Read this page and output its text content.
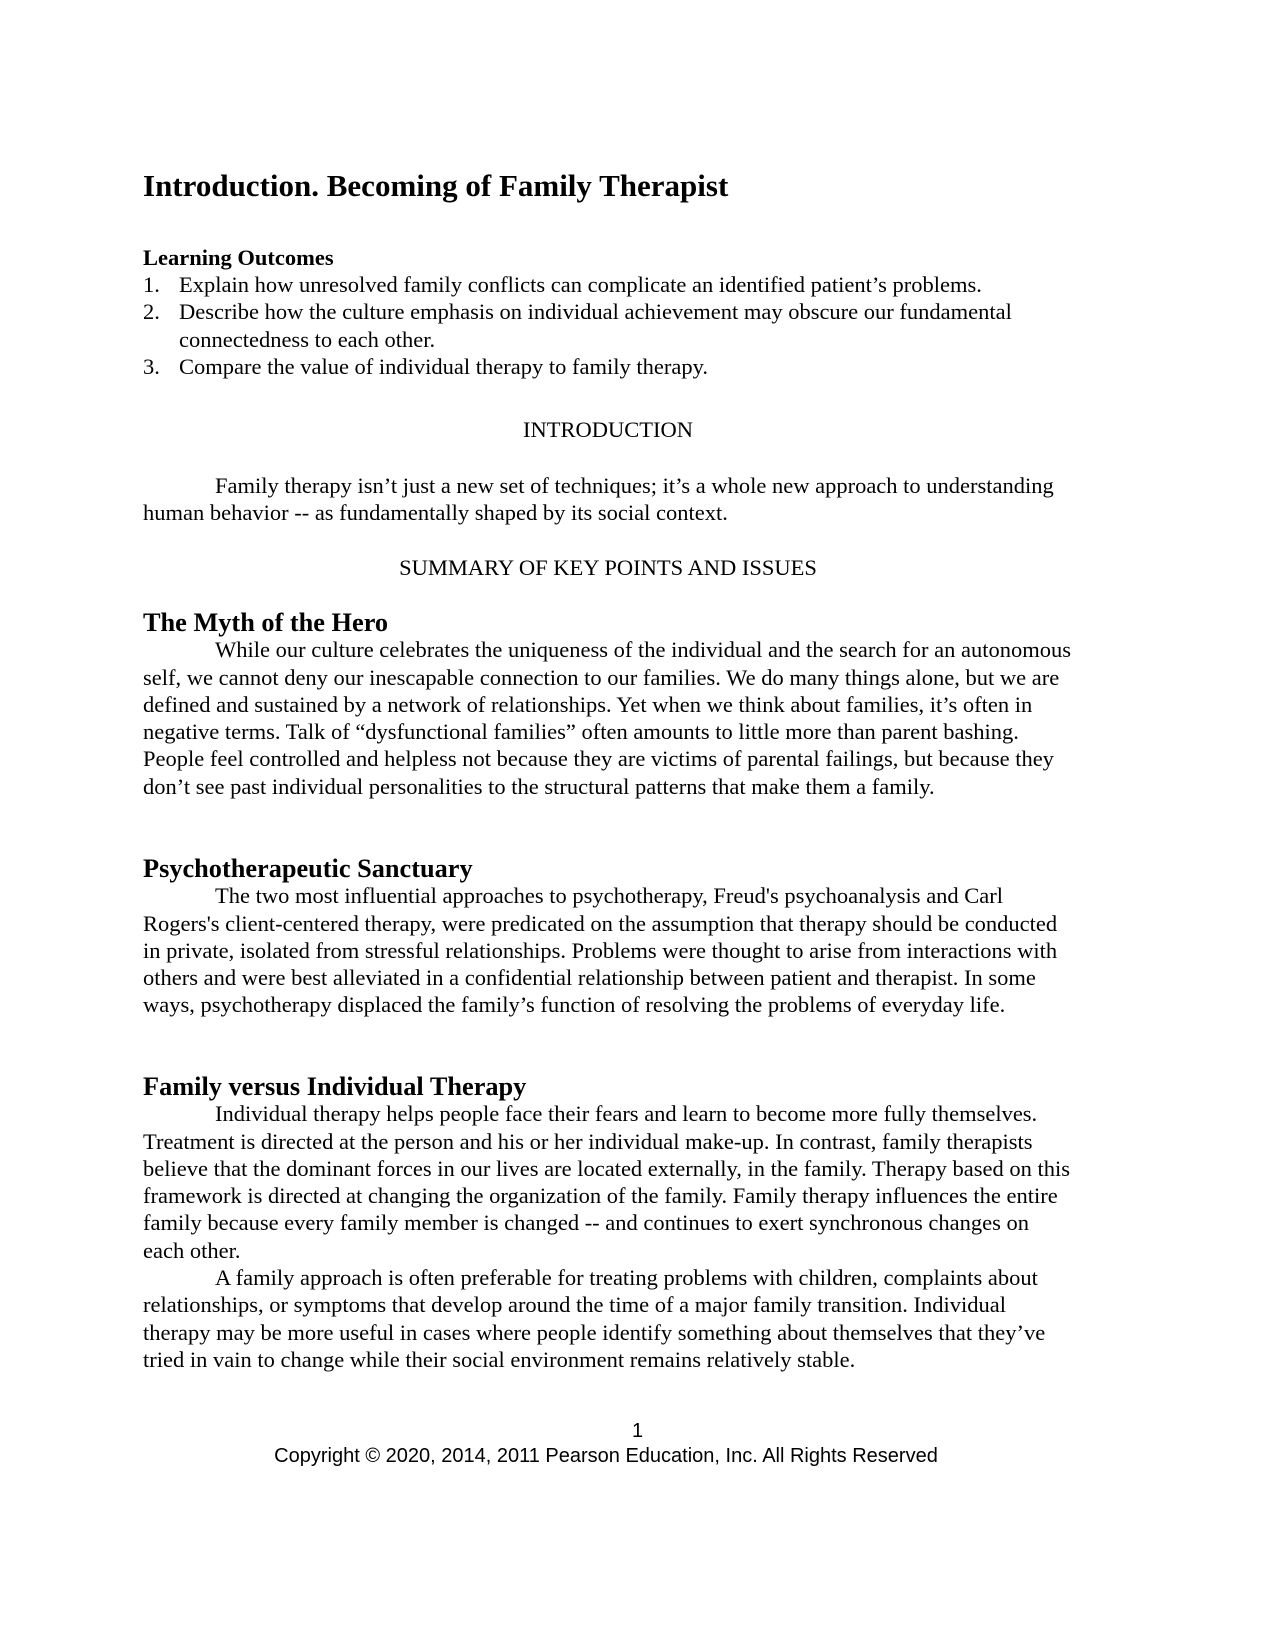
Introduction. Becoming of Family Therapist
Learning Outcomes
1. Explain how unresolved family conflicts can complicate an identified patient’s problems.
2. Describe how the culture emphasis on individual achievement may obscure our fundamental connectedness to each other.
3. Compare the value of individual therapy to family therapy.
INTRODUCTION

Family therapy isn’t just a new set of techniques; it’s a whole new approach to understanding human behavior -- as fundamentally shaped by its social context.

SUMMARY OF KEY POINTS AND ISSUES
The Myth of the Hero

While our culture celebrates the uniqueness of the individual and the search for an autonomous self, we cannot deny our inescapable connection to our families. We do many things alone, but we are defined and sustained by a network of relationships. Yet when we think about families, it’s often in negative terms. Talk of “dysfunctional families” often amounts to little more than parent bashing. People feel controlled and helpless not because they are victims of parental failings, but because they don’t see past individual personalities to the structural patterns that make them a family.

Psychotherapeutic Sanctuary

The two most influential approaches to psychotherapy, Freud's psychoanalysis and Carl Rogers's client-centered therapy, were predicated on the assumption that therapy should be conducted in private, isolated from stressful relationships. Problems were thought to arise from interactions with others and were best alleviated in a confidential relationship between patient and therapist. In some ways, psychotherapy displaced the family’s function of resolving the problems of everyday life.

Family versus Individual Therapy

Individual therapy helps people face their fears and learn to become more fully themselves. Treatment is directed at the person and his or her individual make-up. In contrast, family therapists believe that the dominant forces in our lives are located externally, in the family. Therapy based on this framework is directed at changing the organization of the family. Family therapy influences the entire family because every family member is changed -- and continues to exert synchronous changes on each other.

A family approach is often preferable for treating problems with children, complaints about relationships, or symptoms that develop around the time of a major family transition. Individual therapy may be more useful in cases where people identify something about themselves that they’ve tried in vain to change while their social environment remains relatively stable.

1
Copyright © 2020, 2014, 2011 Pearson Education, Inc. All Rights Reserved
